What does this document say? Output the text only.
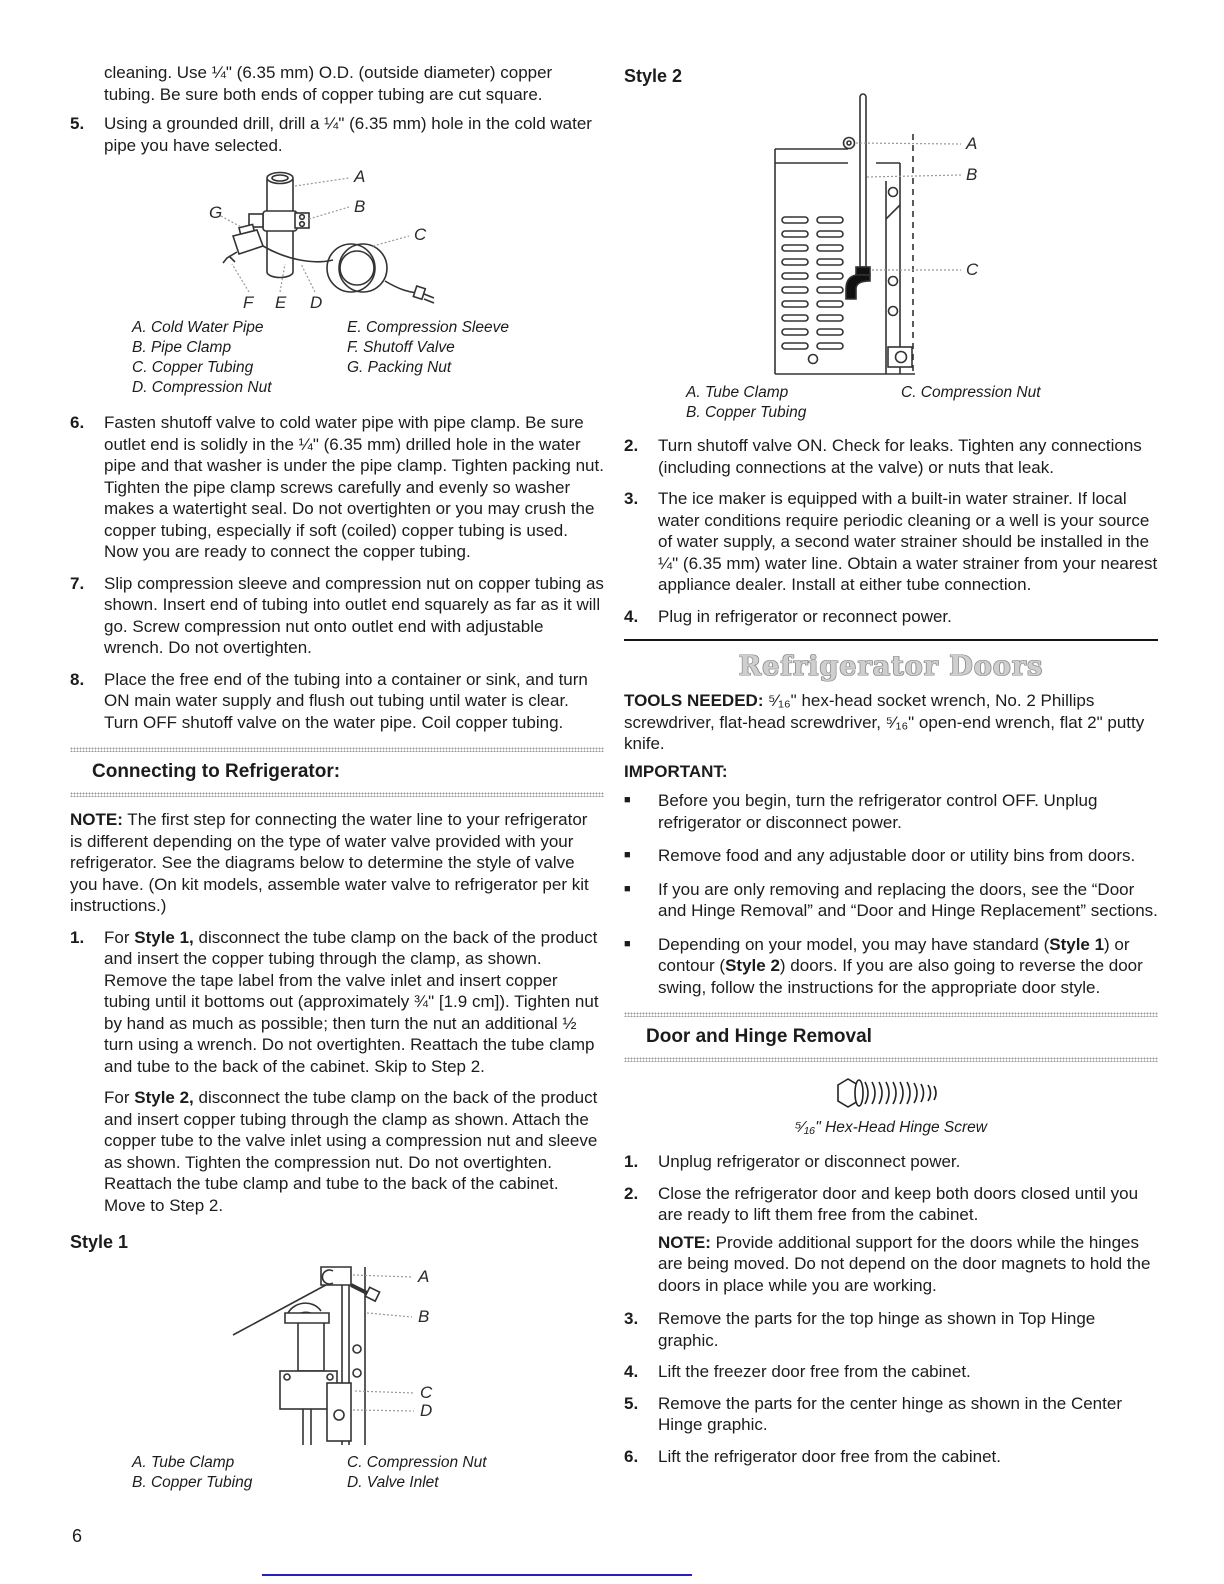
cleaning. Use ¼" (6.35 mm) O.D. (outside diameter) copper tubing. Be sure both ends of copper tubing are cut square.
5.	Using a grounded drill, drill a ¼" (6.35 mm) hole in the cold water pipe you have selected.
A
B
C
G
F E D
A. Cold Water Pipe
B. Pipe Clamp
C. Copper Tubing
D. Compression Nut
E. Compression Sleeve
F. Shutoff Valve
G. Packing Nut
6.	Fasten shutoff valve to cold water pipe with pipe clamp. Be sure outlet end is solidly in the ¼" (6.35 mm) drilled hole in the water pipe and that washer is under the pipe clamp. Tighten packing nut. Tighten the pipe clamp screws carefully and evenly so washer makes a watertight seal. Do not overtighten or you may crush the copper tubing, especially if soft (coiled) copper tubing is used. Now you are ready to connect the copper tubing.
7.	Slip compression sleeve and compression nut on copper tubing as shown. Insert end of tubing into outlet end squarely as far as it will go. Screw compression nut onto outlet end with adjustable wrench. Do not overtighten.
8.	Place the free end of the tubing into a container or sink, and turn ON main water supply and flush out tubing until water is clear. Turn OFF shutoff valve on the water pipe. Coil copper tubing.
Connecting to Refrigerator:
NOTE: The first step for connecting the water line to your refrigerator is different depending on the type of water valve provided with your refrigerator. See the diagrams below to determine the style of valve you have. (On kit models, assemble water valve to refrigerator per kit instructions.)
1.	For Style 1, disconnect the tube clamp on the back of the product and insert the copper tubing through the clamp, as shown. Remove the tape label from the valve inlet and insert copper tubing until it bottoms out (approximately ¾" [1.9 cm]). Tighten nut by hand as much as possible; then turn the nut an additional ½ turn using a wrench. Do not overtighten. Reattach the tube clamp and tube to the back of the cabinet. Skip to Step 2.
For Style 2, disconnect the tube clamp on the back of the product and insert copper tubing through the clamp as shown. Attach the copper tube to the valve inlet using a compression nut and sleeve as shown. Tighten the compression nut. Do not overtighten. Reattach the tube clamp and tube to the back of the cabinet. Move to Step 2.
Style 1
A
B
C
D
A. Tube Clamp
B. Copper Tubing
C. Compression Nut
D. Valve Inlet
Style 2
A
B
C
A. Tube Clamp
B. Copper Tubing
C. Compression Nut
2.	Turn shutoff valve ON. Check for leaks. Tighten any connections (including connections at the valve) or nuts that leak.
3.	The ice maker is equipped with a built-in water strainer. If local water conditions require periodic cleaning or a well is your source of water supply, a second water strainer should be installed in the ¼" (6.35 mm) water line. Obtain a water strainer from your nearest appliance dealer. Install at either tube connection.
4.	Plug in refrigerator or reconnect power.
Refrigerator Doors
TOOLS NEEDED: ⁵⁄₁₆" hex-head socket wrench, No. 2 Phillips screwdriver, flat-head screwdriver, ⁵⁄₁₆" open-end wrench, flat 2" putty knife.
IMPORTANT:
■	Before you begin, turn the refrigerator control OFF. Unplug refrigerator or disconnect power.
■	Remove food and any adjustable door or utility bins from doors.
■	If you are only removing and replacing the doors, see the “Door and Hinge Removal” and “Door and Hinge Replacement” sections.
■	Depending on your model, you may have standard (Style 1) or contour (Style 2) doors. If you are also going to reverse the door swing, follow the instructions for the appropriate door style.
Door and Hinge Removal
⁵⁄₁₆" Hex-Head Hinge Screw
1.	Unplug refrigerator or disconnect power.
2.	Close the refrigerator door and keep both doors closed until you are ready to lift them free from the cabinet.
NOTE: Provide additional support for the doors while the hinges are being moved. Do not depend on the door magnets to hold the doors in place while you are working.
3.	Remove the parts for the top hinge as shown in Top Hinge graphic.
4.	Lift the freezer door free from the cabinet.
5.	Remove the parts for the center hinge as shown in the Center Hinge graphic.
6.	Lift the refrigerator door free from the cabinet.
6
